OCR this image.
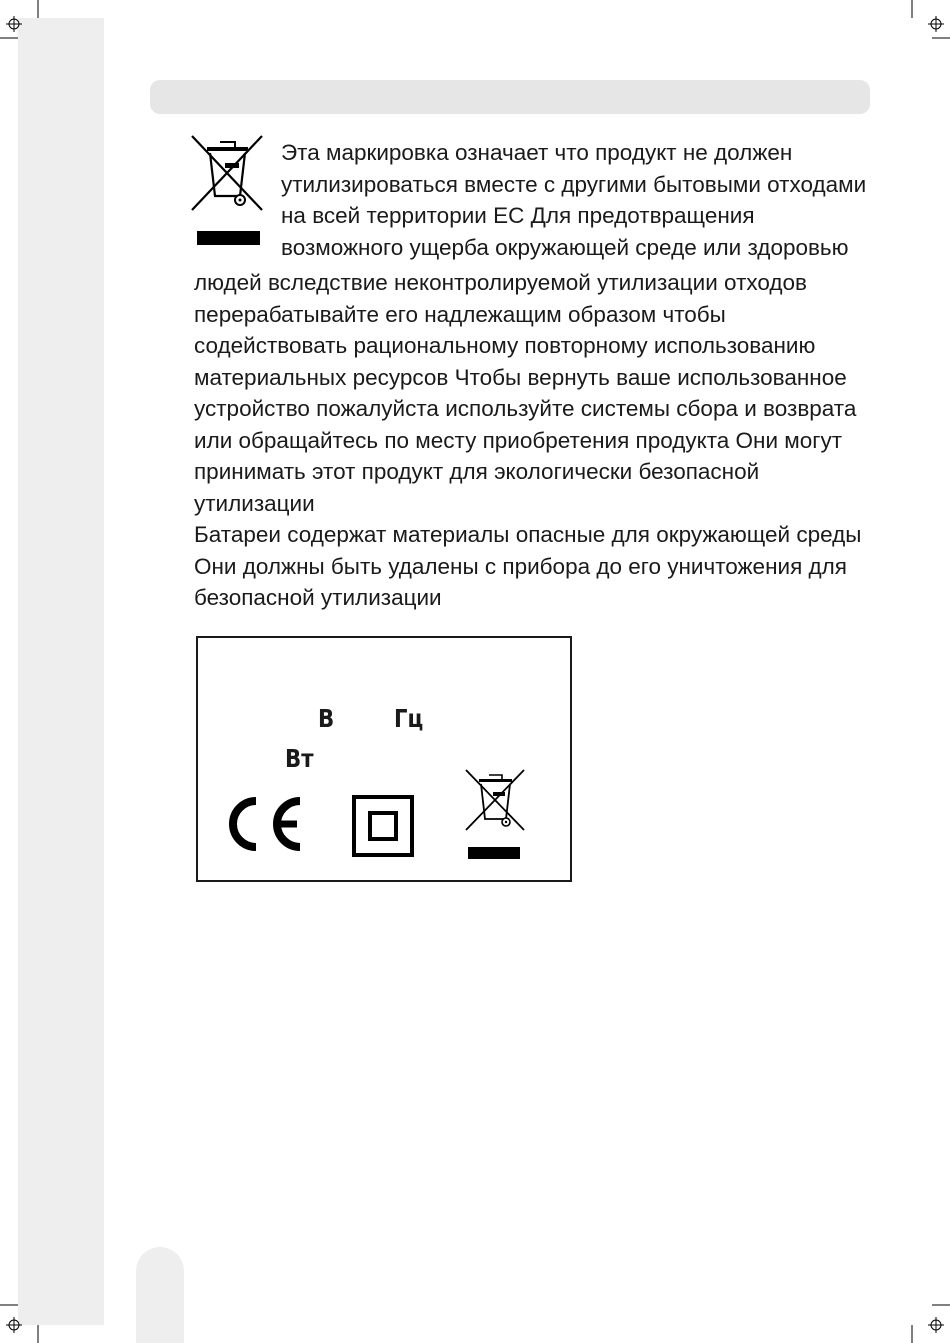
Эта маркировка означает что продукт не должен
утилизироваться вместе с другими бытовыми отходами
на всей территории ЕС Для предотвращения
возможного ущерба окружающей среде или здоровью
людей вследствие неконтролируемой утилизации отходов
перерабатывайте его надлежащим образом чтобы
содействовать рациональному повторному использованию
материальных ресурсов Чтобы вернуть ваше использованное
устройство пожалуйста используйте системы сбора и возврата
или обращайтесь по месту приобретения продукта Они могут
принимать этот продукт для экологически безопасной
утилизации
Батареи содержат материалы опасные для окружающей среды
Они должны быть удалены с прибора до его уничтожения для
безопасной утилизации
В Гц
Вт
